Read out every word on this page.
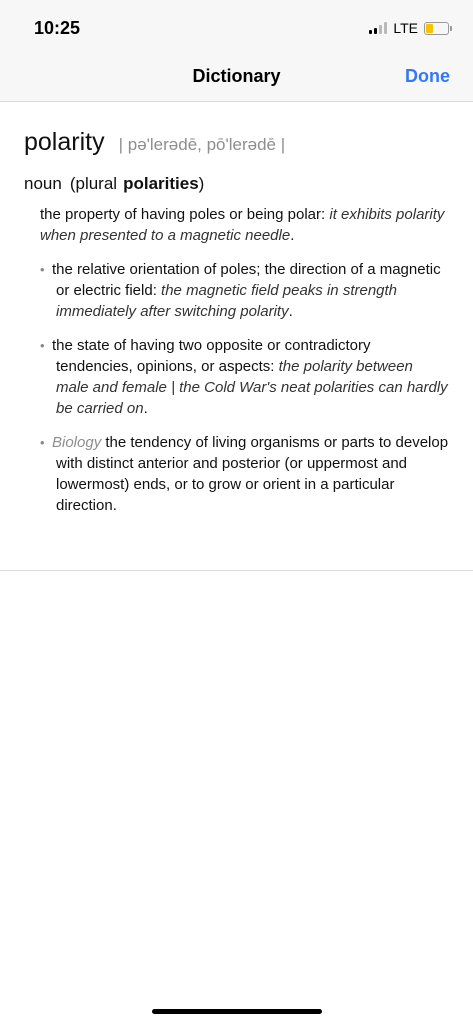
10:25	LTE
Dictionary	Done
polarity | pə'lerədē, pō'lerədē |
noun (plural polarities)
the property of having poles or being polar: it exhibits polarity when presented to a magnetic needle.
• the relative orientation of poles; the direction of a magnetic or electric field: the magnetic field peaks in strength immediately after switching polarity.
• the state of having two opposite or contradictory tendencies, opinions, or aspects: the polarity between male and female | the Cold War's neat polarities can hardly be carried on.
• Biology the tendency of living organisms or parts to develop with distinct anterior and posterior (or uppermost and lowermost) ends, or to grow or orient in a particular direction.
